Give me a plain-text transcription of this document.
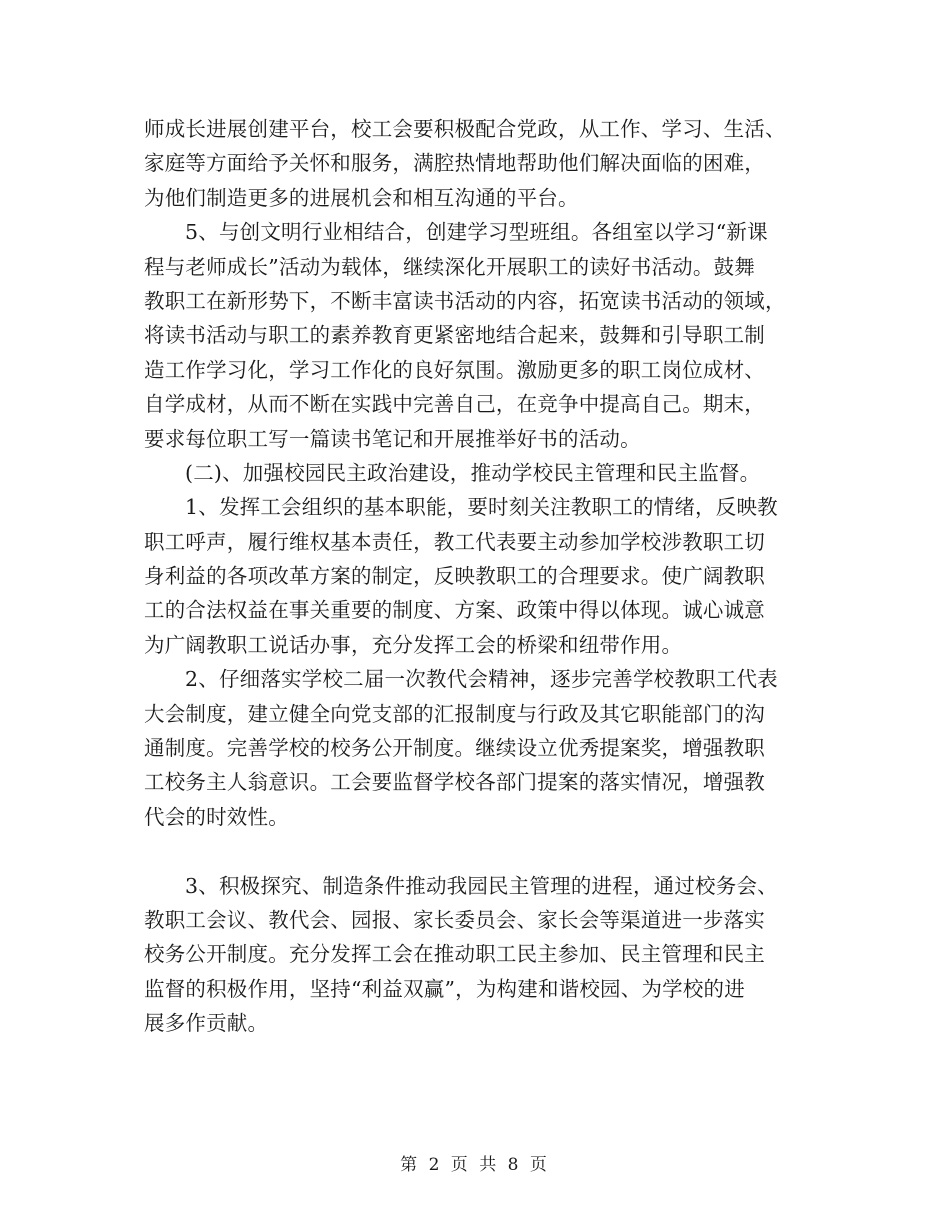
师成长进展创建平台，校工会要积极配合党政，从工作、学习、生活、
家庭等方面给予关怀和服务，满腔热情地帮助他们解决面临的困难，
为他们制造更多的进展机会和相互沟通的平台。
5、与创文明行业相结合，创建学习型班组。各组室以学习“新课
程与老师成长”活动为载体，继续深化开展职工的读好书活动。鼓舞
教职工在新形势下，不断丰富读书活动的内容，拓宽读书活动的领域，
将读书活动与职工的素养教育更紧密地结合起来，鼓舞和引导职工制
造工作学习化，学习工作化的良好氛围。激励更多的职工岗位成材、
自学成材，从而不断在实践中完善自己，在竞争中提高自己。期末，
要求每位职工写一篇读书笔记和开展推举好书的活动。
(二)、加强校园民主政治建设，推动学校民主管理和民主监督。
1、发挥工会组织的基本职能，要时刻关注教职工的情绪，反映教
职工呼声，履行维权基本责任，教工代表要主动参加学校涉教职工切
身利益的各项改革方案的制定，反映教职工的合理要求。使广阔教职
工的合法权益在事关重要的制度、方案、政策中得以体现。诚心诚意
为广阔教职工说话办事，充分发挥工会的桥梁和纽带作用。
2、仔细落实学校二届一次教代会精神，逐步完善学校教职工代表
大会制度，建立健全向党支部的汇报制度与行政及其它职能部门的沟
通制度。完善学校的校务公开制度。继续设立优秀提案奖，增强教职
工校务主人翁意识。工会要监督学校各部门提案的落实情况，增强教
代会的时效性。
3、积极探究、制造条件推动我园民主管理的进程，通过校务会、
教职工会议、教代会、园报、家长委员会、家长会等渠道进一步落实
校务公开制度。充分发挥工会在推动职工民主参加、民主管理和民主
监督的积极作用，坚持“利益双赢”，为构建和谐校园、为学校的进
展多作贡献。
第 2 页 共 8 页
